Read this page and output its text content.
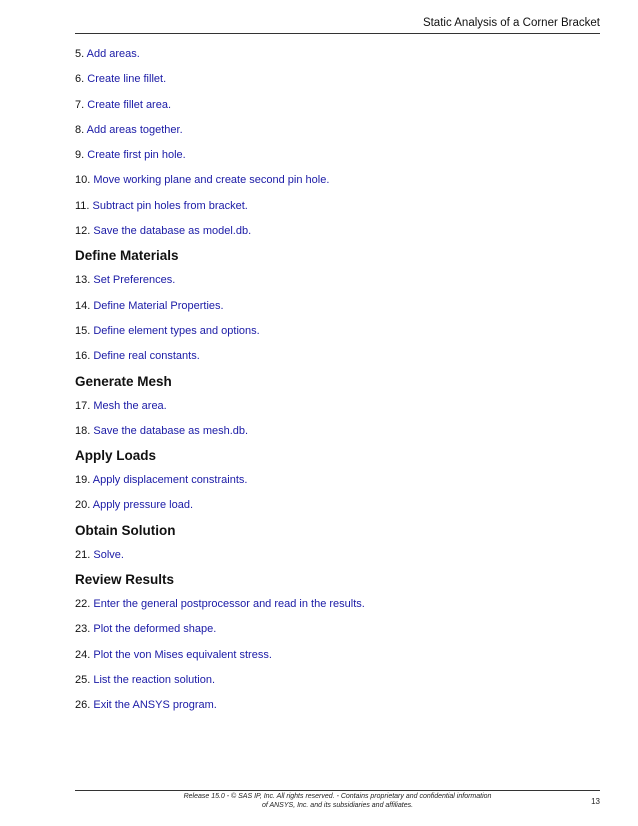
Static Analysis of a Corner Bracket
5. Add areas.
6. Create line fillet.
7. Create fillet area.
8. Add areas together.
9. Create first pin hole.
10. Move working plane and create second pin hole.
11. Subtract pin holes from bracket.
12. Save the database as model.db.
Define Materials
13. Set Preferences.
14. Define Material Properties.
15. Define element types and options.
16. Define real constants.
Generate Mesh
17. Mesh the area.
18. Save the database as mesh.db.
Apply Loads
19. Apply displacement constraints.
20. Apply pressure load.
Obtain Solution
21. Solve.
Review Results
22. Enter the general postprocessor and read in the results.
23. Plot the deformed shape.
24. Plot the von Mises equivalent stress.
25. List the reaction solution.
26. Exit the ANSYS program.
Release 15.0 - © SAS IP, Inc. All rights reserved. - Contains proprietary and confidential information
of ANSYS, Inc. and its subsidiaries and affiliates.	13
